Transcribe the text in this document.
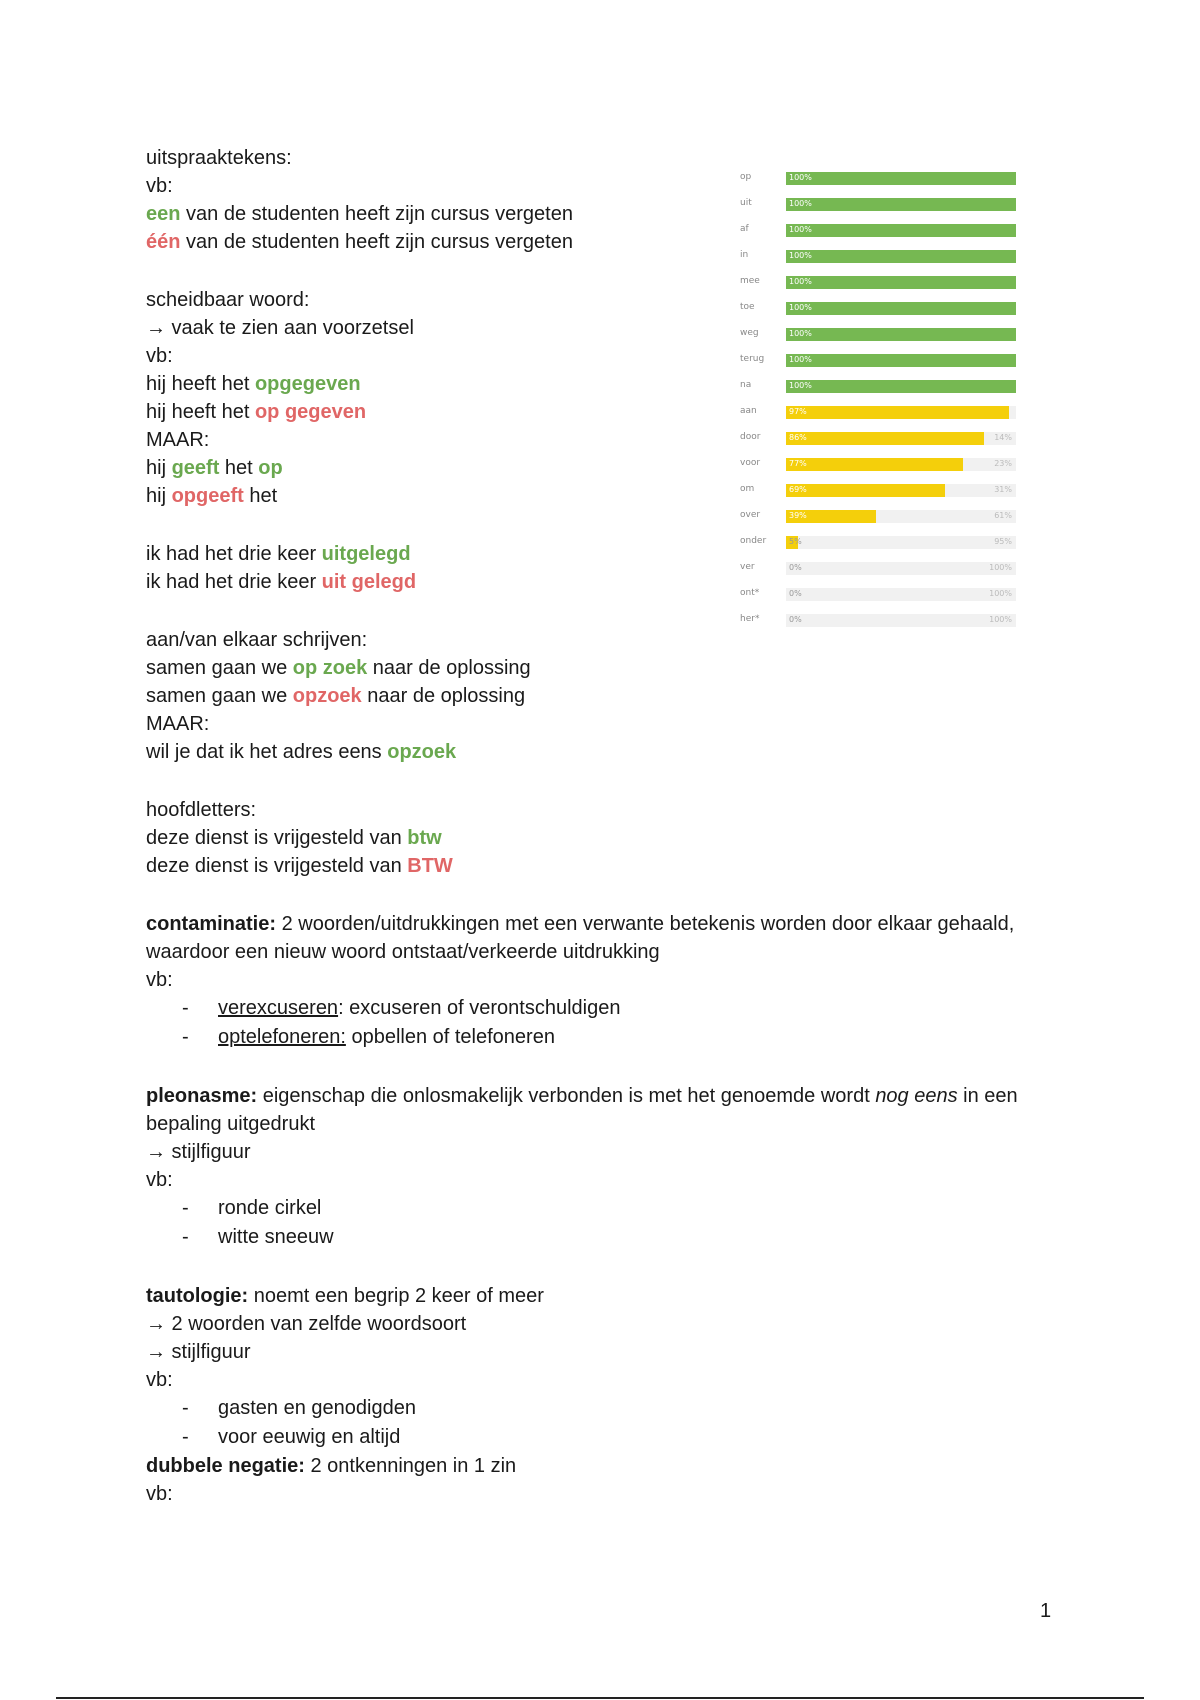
uitspraaktekens:
vb:
een van de studenten heeft zijn cursus vergeten
één van de studenten heeft zijn cursus vergeten
scheidbaar woord:
→ vaak te zien aan voorzetsel
vb:
hij heeft het opgegeven
hij heeft het op gegeven
MAAR:
hij geeft het op
hij opgeeft het
ik had het drie keer uitgelegd
ik had het drie keer uit gelegd
aan/van elkaar schrijven:
samen gaan we op zoek naar de oplossing
samen gaan we opzoek naar de oplossing
MAAR:
wil je dat ik het adres eens opzoek
hoofdletters:
deze dienst is vrijgesteld van btw
deze dienst is vrijgesteld van BTW
contaminatie: 2 woorden/uitdrukkingen met een verwante betekenis worden door elkaar gehaald, waardoor een nieuw woord ontstaat/verkeerde uitdrukking
vb:
- verexcuseren: excuseren of verontschuldigen
- optelefoneren: opbellen of telefoneren
pleonasme: eigenschap die onlosmakelijk verbonden is met het genoemde wordt nog eens in een bepaling uitgedrukt
→ stijlfiguur
vb:
- ronde cirkel
- witte sneeuw
tautologie: noemt een begrip 2 keer of meer
→ 2 woorden van zelfde woordsoort
→ stijlfiguur
vb:
- gasten en genodigden
- voor eeuwig en altijd
dubbele negatie: 2 ontkenningen in 1 zin
vb:
op	100%
uit	100%
af	100%
in	100%
mee	100%
toe	100%
weg	100%
terug	100%
na	100%
aan	97%
door	86%	14%
voor	77%	23%
om	69%	31%
over	39%	61%
onder	5%	95%
ver	0%	100%
ont*	0%	100%
her*	0%	100%
1
